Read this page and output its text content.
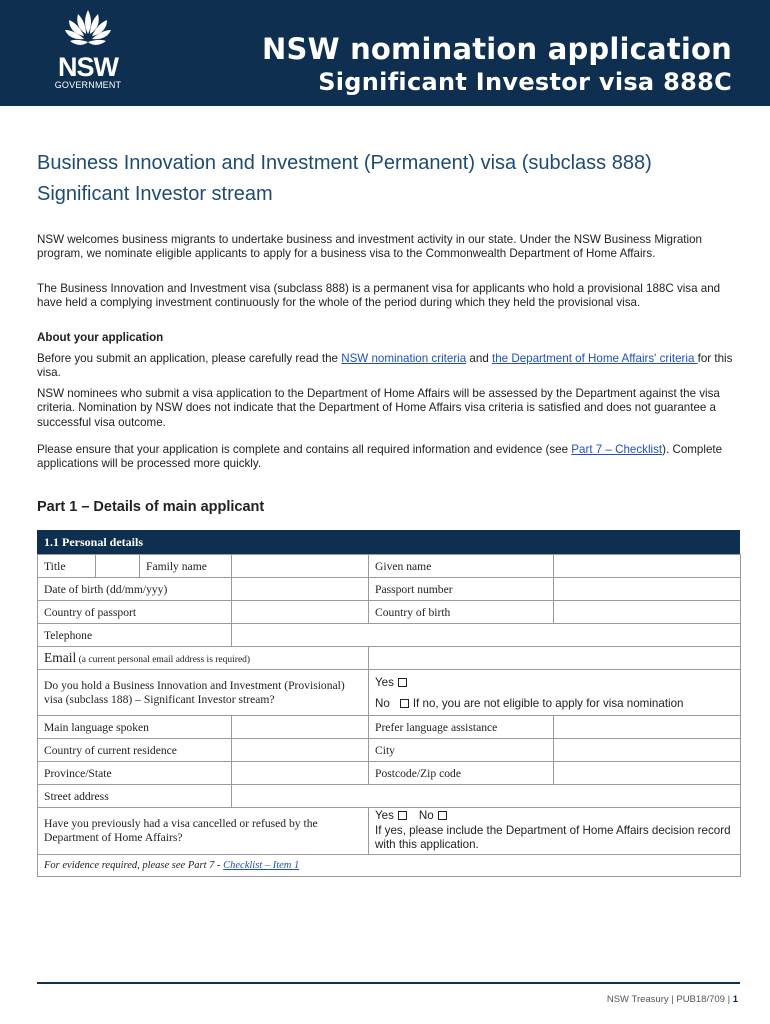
NSW
GOVERNMENT
NSW nomination application
Significant Investor visa 888C
Business Innovation and Investment (Permanent) visa (subclass 888)
Significant Investor stream
NSW welcomes business migrants to undertake business and investment activity in our state. Under the NSW Business Migration program, we nominate eligible applicants to apply for a business visa to the Commonwealth Department of Home Affairs.
The Business Innovation and Investment visa (subclass 888) is a permanent visa for applicants who hold a provisional 188C visa and have held a complying investment continuously for the whole of the period during which they held the provisional visa.
About your application
Before you submit an application, please carefully read the NSW nomination criteria and the Department of Home Affairs' criteria for this visa.
NSW nominees who submit a visa application to the Department of Home Affairs will be assessed by the Department against the visa criteria. Nomination by NSW does not indicate that the Department of Home Affairs visa criteria is satisfied and does not guarantee a successful visa outcome.
Please ensure that your application is complete and contains all required information and evidence (see Part 7 – Checklist). Complete applications will be processed more quickly.
Part 1 – Details of main applicant
1.1 Personal details
Title		Family name		Given name	
Date of birth (dd/mm/yyy)				Passport number	
Country of passport				Country of birth	
Telephone					
Email (a current personal email address is required)					
Do you hold a Business Innovation and Investment (Provisional) visa (subclass 188) – Significant Investor stream?				Yes
No If no, you are not eligible to apply for visa nomination	

Main language spoken				Prefer language assistance	
Country of current residence				City	
Province/State				Postcode/Zip code	
Street address					
Have you previously had a visa cancelled or refused by the Department of Home Affairs?				Yes No
If yes, please include the Department of Home Affairs decision record with this application.	

For evidence required, please see Part 7 - Checklist – Item 1					
NSW Treasury | PUB18/709 | 1
